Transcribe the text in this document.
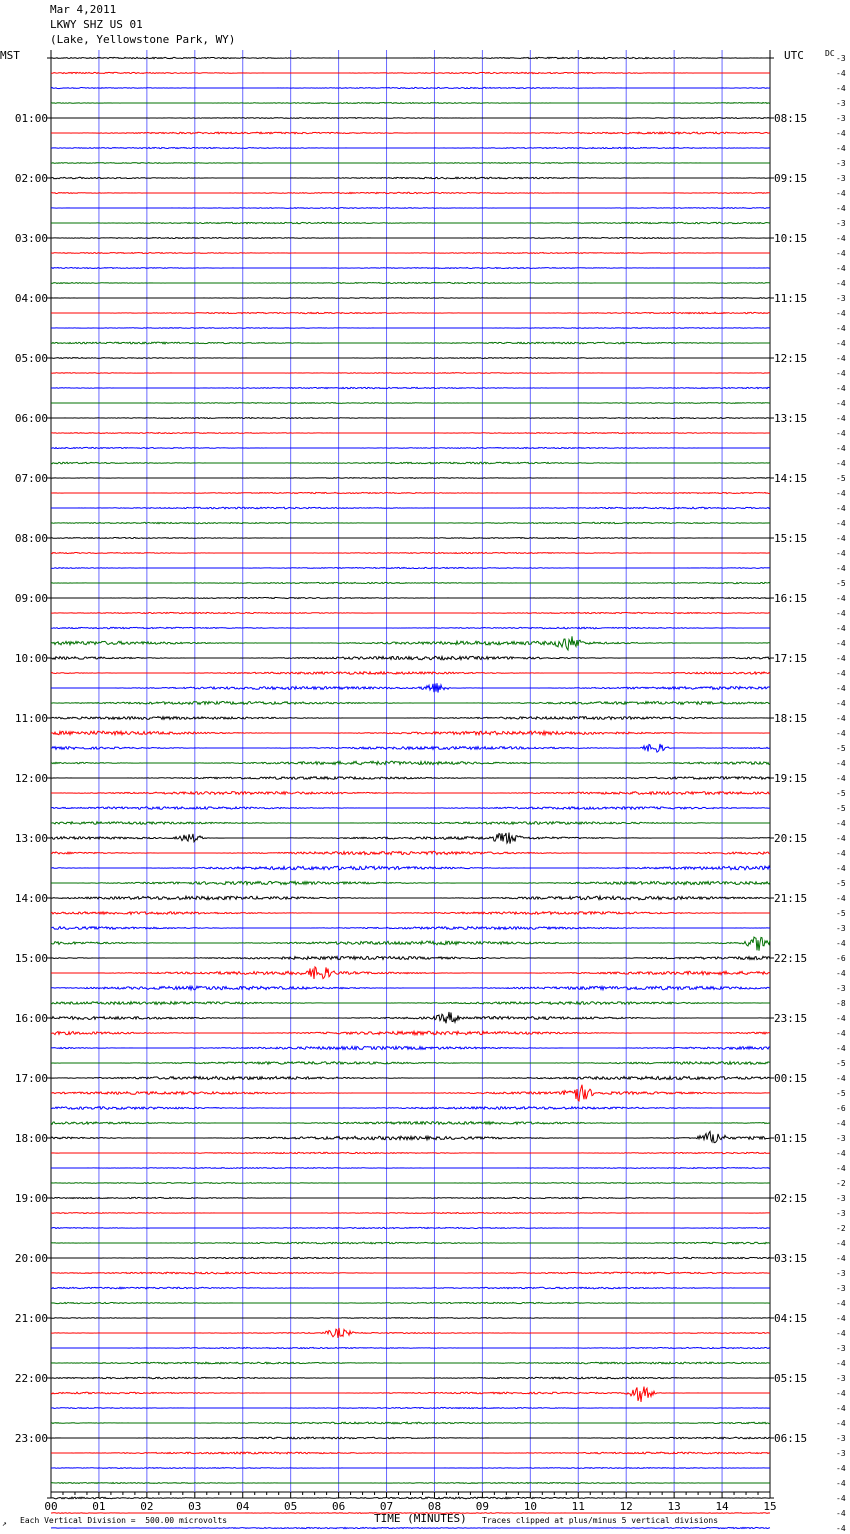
Mar 4,2011
LKWY SHZ US 01
(Lake, Yellowstone Park, WY)
MST	UTC	DC
00	01	02	03	04	05	06	07	08	09	10	11	12	13	14	15
-3
-4
-4
-3
-3
-4
-4
-3
-3
-4
-4
-3
-4
-4
-4
-4
-3
-4
-4
-4
-4
-4
-4
-4
-4
-4
-4
-4
-5
-4
-4
-4
-4
-4
-4
-5
-4
-4
-4
-4
-4
-4
-4
-4
-4
-4
-5
-4
-4
-5
-5
-4
-4
-4
-4
-5
-4
-5
-3
-4
-6
-4
-3
-8
-4
-4
-4
-5
-4
-5
-6
-4
-3
-4
-4
-2
-3
-3
-2
-4
-4
-3
-3
-4
-4
-4
-3
-4
-3
-4
-4
-4
-3
-3
-4
-4
-4
-4
-4
01:00
02:00
03:00
04:00
05:00
06:00
07:00
08:00
09:00
10:00
11:00
12:00
13:00
14:00
15:00
16:00
17:00
18:00
19:00
20:00
21:00
22:00
23:00
08:15
09:15
10:15
11:15
12:15
13:15
14:15
15:15
16:15
17:15
18:15
19:15
20:15
21:15
22:15
23:15
00:15
01:15
02:15
03:15
04:15
05:15
06:15
↗ Each Vertical Division =  500.00 microvolts	TIME (MINUTES) Traces clipped at plus/minus 5 vertical divisions
